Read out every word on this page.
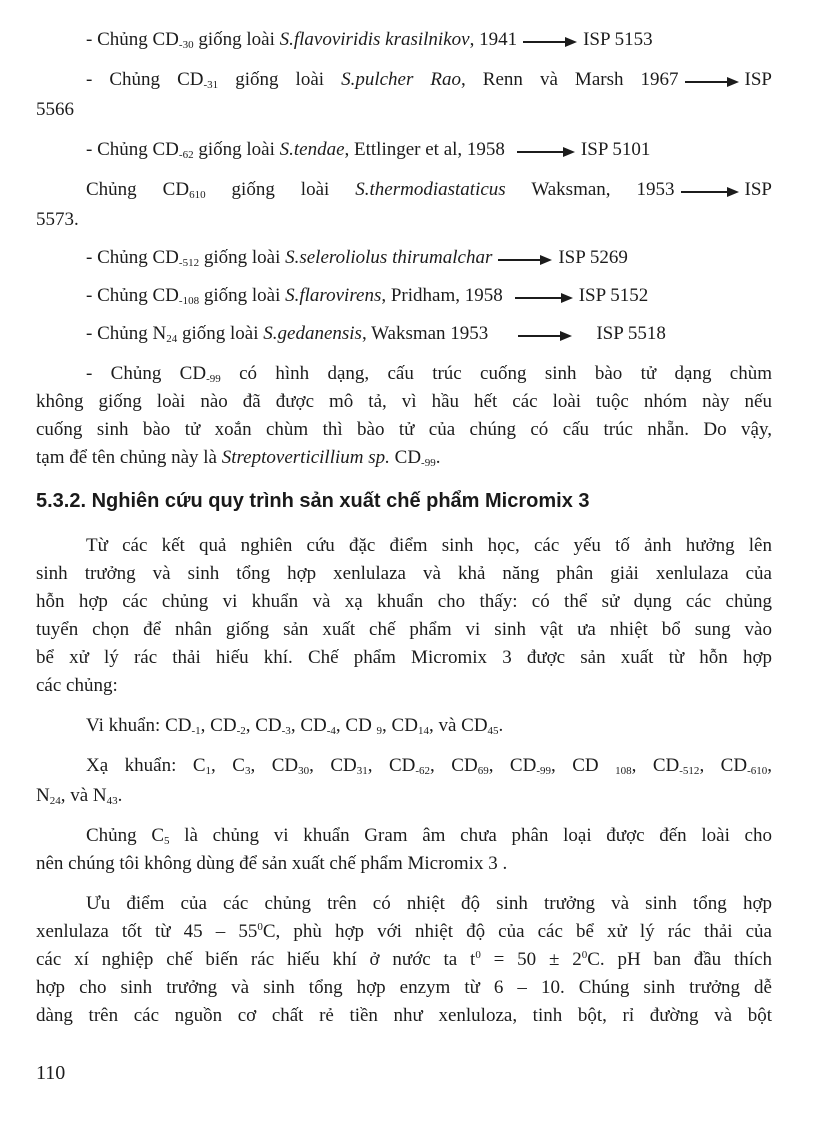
- Chủng $CD_{-30}$ giống loài S.flavoviridis krasilnikov, 1941	ISP 5153
- Chủng $CD_{-31}$ giống loài S.pulcher Rao, Renn và Marsh 1967	ISP
5566
- Chủng $CD_{-62}$ giống loài S.tendae, Ettlinger et al, 1958	ISP 5101
Chủng $CD_{610}$ giống loài S.thermodiastaticus Waksman, 1953	ISP
5573.
- Chủng $CD_{-512}$ giống loài S.seleroliolus thirumalchar	ISP 5269
- Chủng $CD_{-108}$ giống loài S.flarovirens, Pridham, 1958	ISP 5152
- Chủng $N_{24}$ giống loài S.gedanensis, Waksman 1953	ISP 5518
- Chủng $CD_{-99}$ có hình dạng, cấu trúc cuống sinh bào tử dạng chùm
không giống loài nào đã được mô tả, vì hầu hết các loài tuộc nhóm này nếu
cuống sinh bào tử xoắn chùm thì bào tử của chúng có cấu trúc nhẵn. Do vậy,
tạm để tên chủng này là Streptoverticillium sp. $CD_{-99}$.
5.3.2. Nghiên cứu quy trình sản xuất chế phẩm Micromix 3
Từ các kết quả nghiên cứu đặc điểm sinh học, các yếu tố ảnh hưởng lên
sinh trưởng và sinh tổng hợp xenlulaza và khả năng phân giải xenlulaza của
hỗn hợp các chủng vi khuẩn và xạ khuẩn cho thấy: có thể sử dụng các chủng
tuyển chọn để nhân giống sản xuất chế phẩm vi sinh vật ưa nhiệt bổ sung vào
bể xử lý rác thải hiếu khí. Chế phẩm Micromix 3 được sản xuất từ hỗn hợp
các chủng:
Vi khuẩn: $CD_{-1}$, $CD_{-2}$, $CD_{-3}$, $CD_{-4}$, CD $_9$, $CD_{14}$, và $CD_{45}$.
Xạ khuẩn: $C_1$, $C_3$, $CD_{30}$, $CD_{31}$, $CD_{-62}$, $CD_{69}$, $CD_{-99}$, CD $_{108}$, $CD_{-512}$, $CD_{-610}$,
$N_{24}$, và $N_{43}$.
Chủng $C_5$ là chủng vi khuẩn Gram âm chưa phân loại được đến loài cho
nên chúng tôi không dùng để sản xuất chế phẩm Micromix 3 .
Ưu điểm của các chủng trên có nhiệt độ sinh trưởng và sinh tổng hợp
xenlulaza tốt từ $45 - 55^0C$, phù hợp với nhiệt độ của các bể xử lý rác thải của
các xí nghiệp chế biến rác hiếu khí ở nước ta $t^0 = 50 \pm 2^0C$. pH ban đầu thích
hợp cho sinh trưởng và sinh tổng hợp enzym từ 6 – 10. Chúng sinh trưởng dễ
dàng trên các nguồn cơ chất rẻ tiền như xenluloza, tinh bột, rỉ đường và bột
110
